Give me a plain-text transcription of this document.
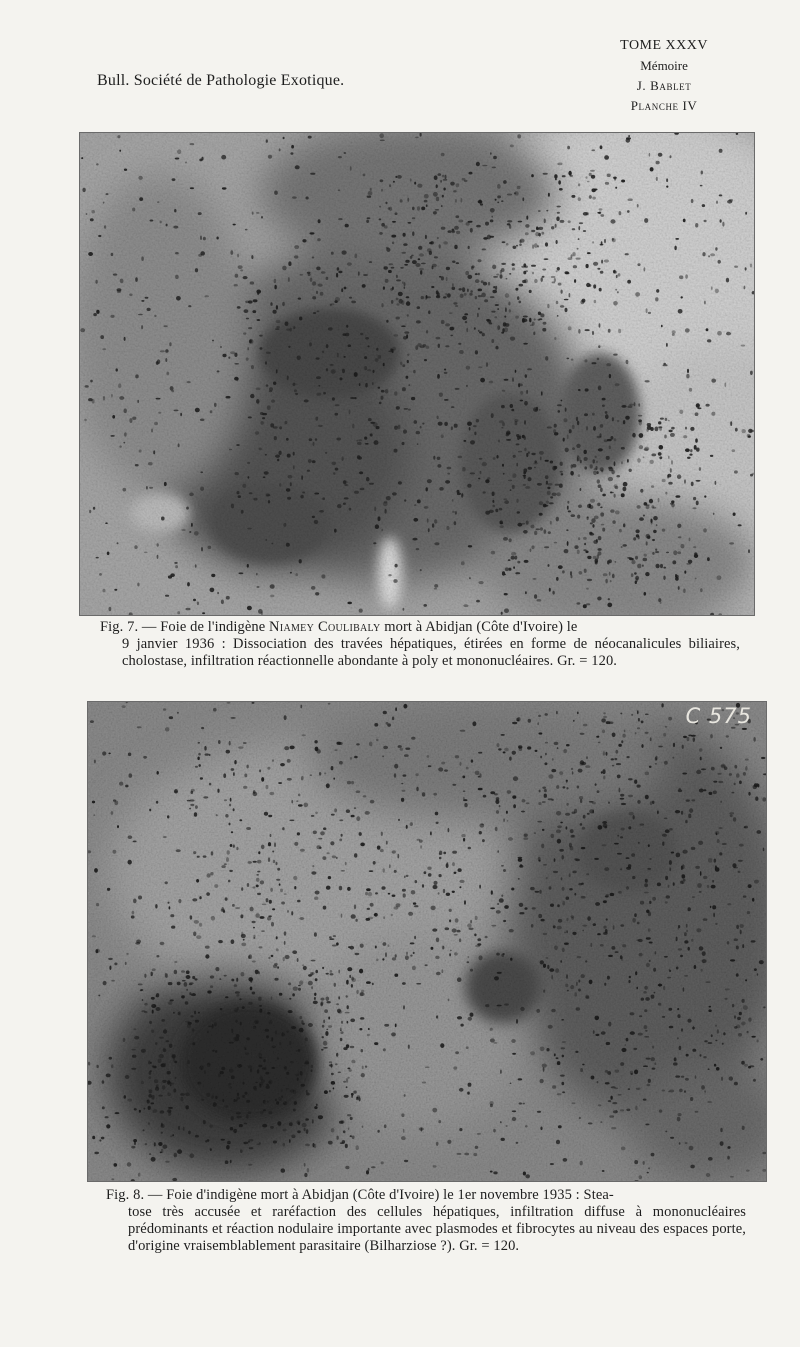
Bull. Société de Pathologie Exotique.
TOME XXXV
Mémoire
J. Bablet
Planche IV
Fig. 7. — Foie de l'indigène Niamey Coulibaly mort à Abidjan (Côte d'Ivoire) le
9 janvier 1936 : Dissociation des travées hépatiques, étirées en forme de néocanalicules biliaires, cholostase, infiltration réactionnelle abondante à poly et mononucléaires. Gr. = 120.
C 575
Fig. 8. — Foie d'indigène mort à Abidjan (Côte d'Ivoire) le 1er novembre 1935 : Stea-
tose très accusée et raréfaction des cellules hépatiques, infiltration diffuse à mononucléaires prédominants et réaction nodulaire importante avec plasmodes et fibrocytes au niveau des espaces porte, d'origine vraisemblablement parasitaire (Bilharziose ?). Gr. = 120.
